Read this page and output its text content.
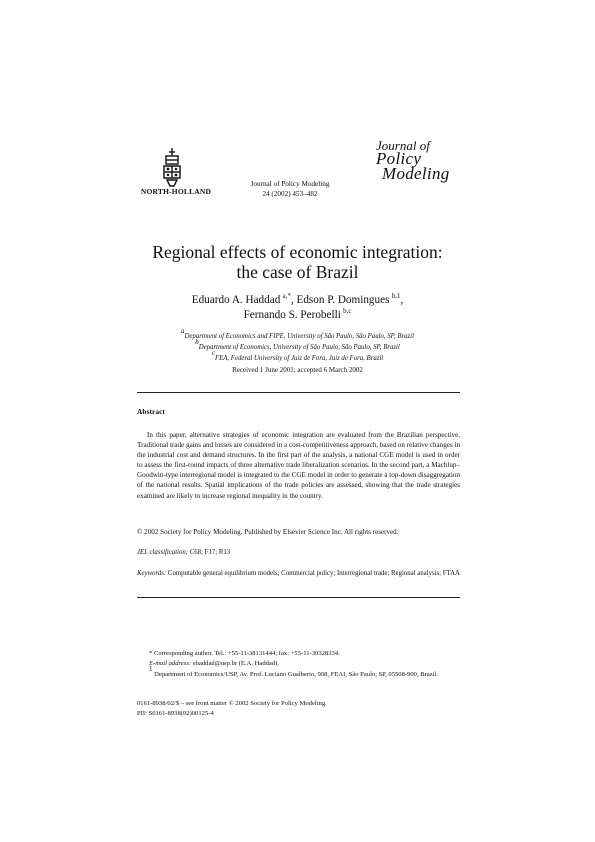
NORTH-HOLLAND
Journal of Policy Modeling
24 (2002) 453–482
Journal of
Policy
Modeling
Regional effects of economic integration:
the case of Brazil
Eduardo A. Haddad  $^{a,*}$, Edson P. Domingues  $^{b,1}$,
Fernando S. Perobelli  $^{b,c}$
$^a$Department of Economics and FIPE, University of São Paulo, São Paulo, SP, Brazil
$^b$Department of Economics, University of São Paulo, São Paulo, SP, Brazil
$^c$FEA, Federal University of Juiz de Fora, Juiz de Fora, Brazil
Received 1 June 2001; accepted 6 March 2002
Abstract
In this paper, alternative strategies of economic integration are evaluated from the Brazilian perspective. Traditional trade gains and losses are considered in a cost-competitiveness approach, based on relative changes in the industrial cost and demand structures. In the first part of the analysis, a national CGE model is used in order to assess the first-round impacts of three alternative trade liberalization scenarios. In the second part, a Machlup–Goodwin-type interregional model is integrated to the CGE model in order to generate a top-down disaggregation of the national results. Spatial implications of the trade policies are assessed, showing that the trade strategies examined are likely to increase regional inequality in the country.
© 2002 Society for Policy Modeling. Published by Elsevier Science Inc. All rights reserved.
JEL classification: C68; F17; R13
Keywords: Computable general equilibrium models; Commercial policy; Interregional trade; Regional analysis; FTAA
* Corresponding author. Tel.: +55-11-38131444; fax: +55-11-30328334.
E-mail address: ehaddad@usp.br (E.A. Haddad).
$^1$ Department of Economics/USP, Av. Prof. Luciano Gualberto, 908, FEAI, São Paulo, SP, 05508-900, Brazil.
0161-8938/02/$ – see front matter © 2002 Society for Policy Modeling.
PII: S0161-8938(02)00125-4
